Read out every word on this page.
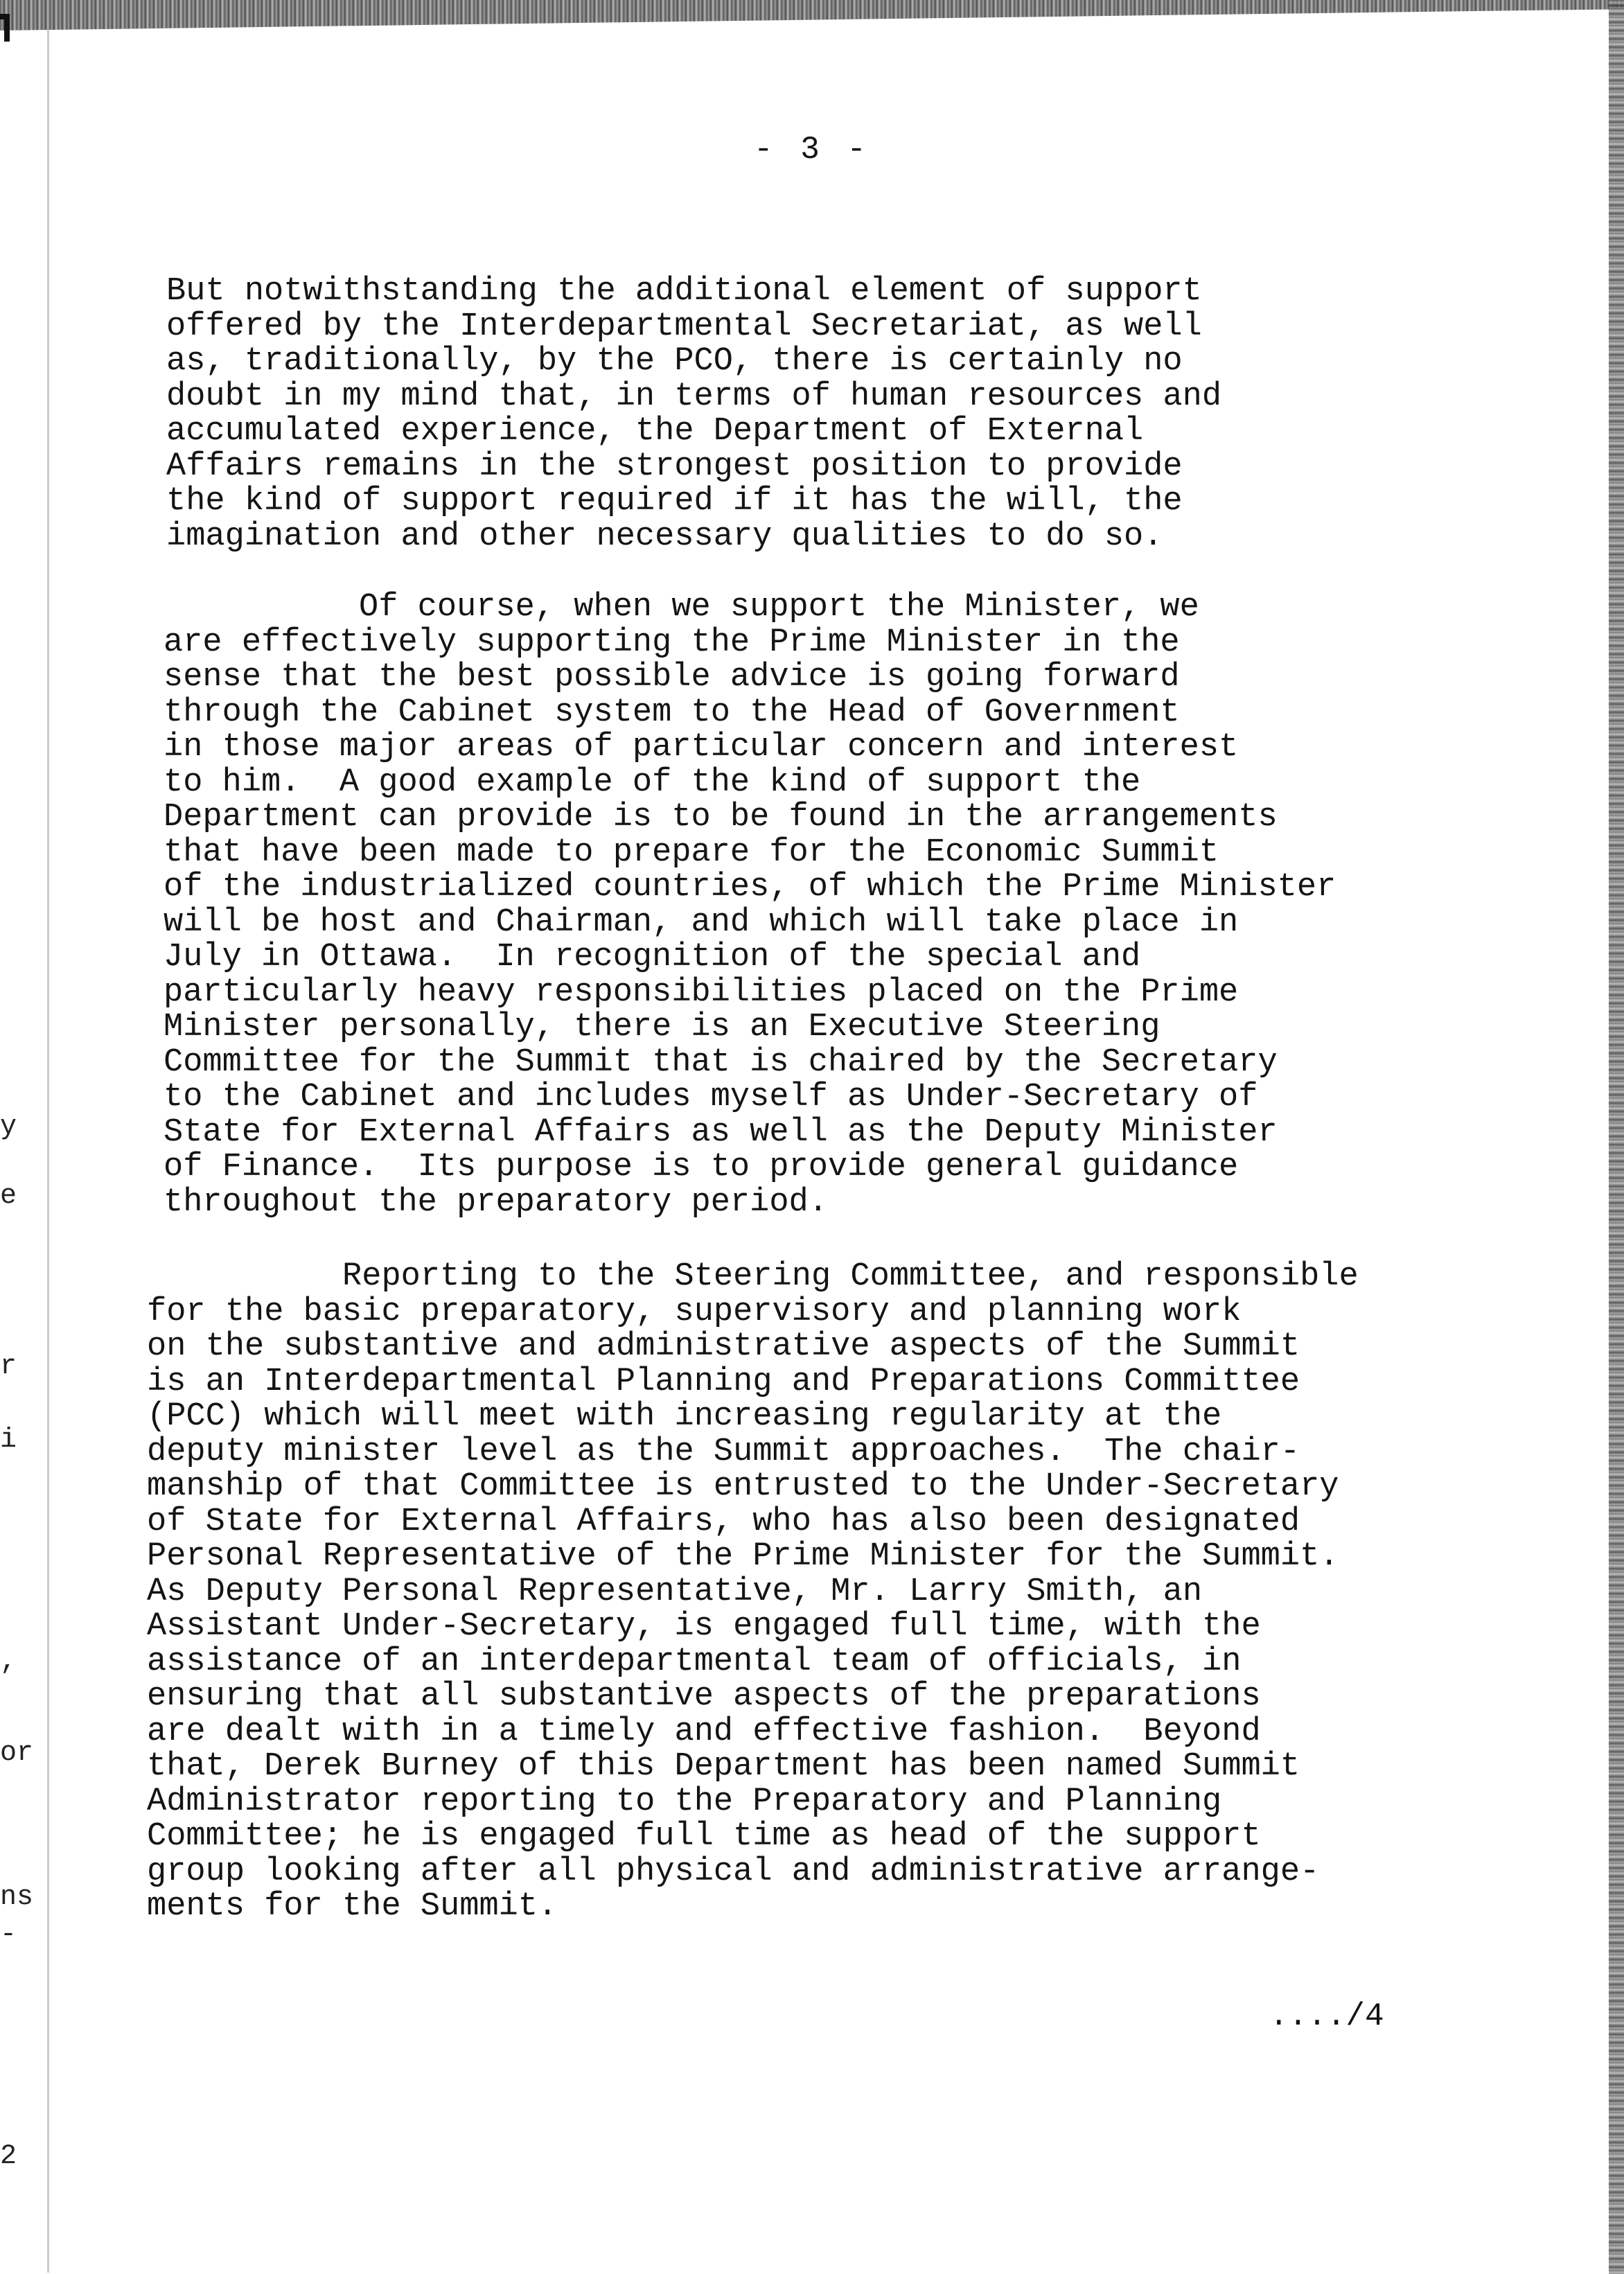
- 3 -
But notwithstanding the additional element of support
offered by the Interdepartmental Secretariat, as well
as, traditionally, by the PCO, there is certainly no
doubt in my mind that, in terms of human resources and
accumulated experience, the Department of External
Affairs remains in the strongest position to provide
the kind of support required if it has the will, the
imagination and other necessary qualities to do so.
Of course, when we support the Minister, we
are effectively supporting the Prime Minister in the
sense that the best possible advice is going forward
through the Cabinet system to the Head of Government
in those major areas of particular concern and interest
to him.  A good example of the kind of support the
Department can provide is to be found in the arrangements
that have been made to prepare for the Economic Summit
of the industrialized countries, of which the Prime Minister
will be host and Chairman, and which will take place in
July in Ottawa.  In recognition of the special and
particularly heavy responsibilities placed on the Prime
Minister personally, there is an Executive Steering
Committee for the Summit that is chaired by the Secretary
to the Cabinet and includes myself as Under-Secretary of
State for External Affairs as well as the Deputy Minister
of Finance.  Its purpose is to provide general guidance
throughout the preparatory period.
Reporting to the Steering Committee, and responsible
for the basic preparatory, supervisory and planning work
on the substantive and administrative aspects of the Summit
is an Interdepartmental Planning and Preparations Committee
(PCC) which will meet with increasing regularity at the
deputy minister level as the Summit approaches.  The chair-
manship of that Committee is entrusted to the Under-Secretary
of State for External Affairs, who has also been designated
Personal Representative of the Prime Minister for the Summit.
As Deputy Personal Representative, Mr. Larry Smith, an
Assistant Under-Secretary, is engaged full time, with the
assistance of an interdepartmental team of officials, in
ensuring that all substantive aspects of the preparations
are dealt with in a timely and effective fashion.  Beyond
that, Derek Burney of this Department has been named Summit
Administrator reporting to the Preparatory and Planning
Committee; he is engaged full time as head of the support
group looking after all physical and administrative arrange-
ments for the Summit.
..../4
y
e
r
i
,
or
ns
-
2
